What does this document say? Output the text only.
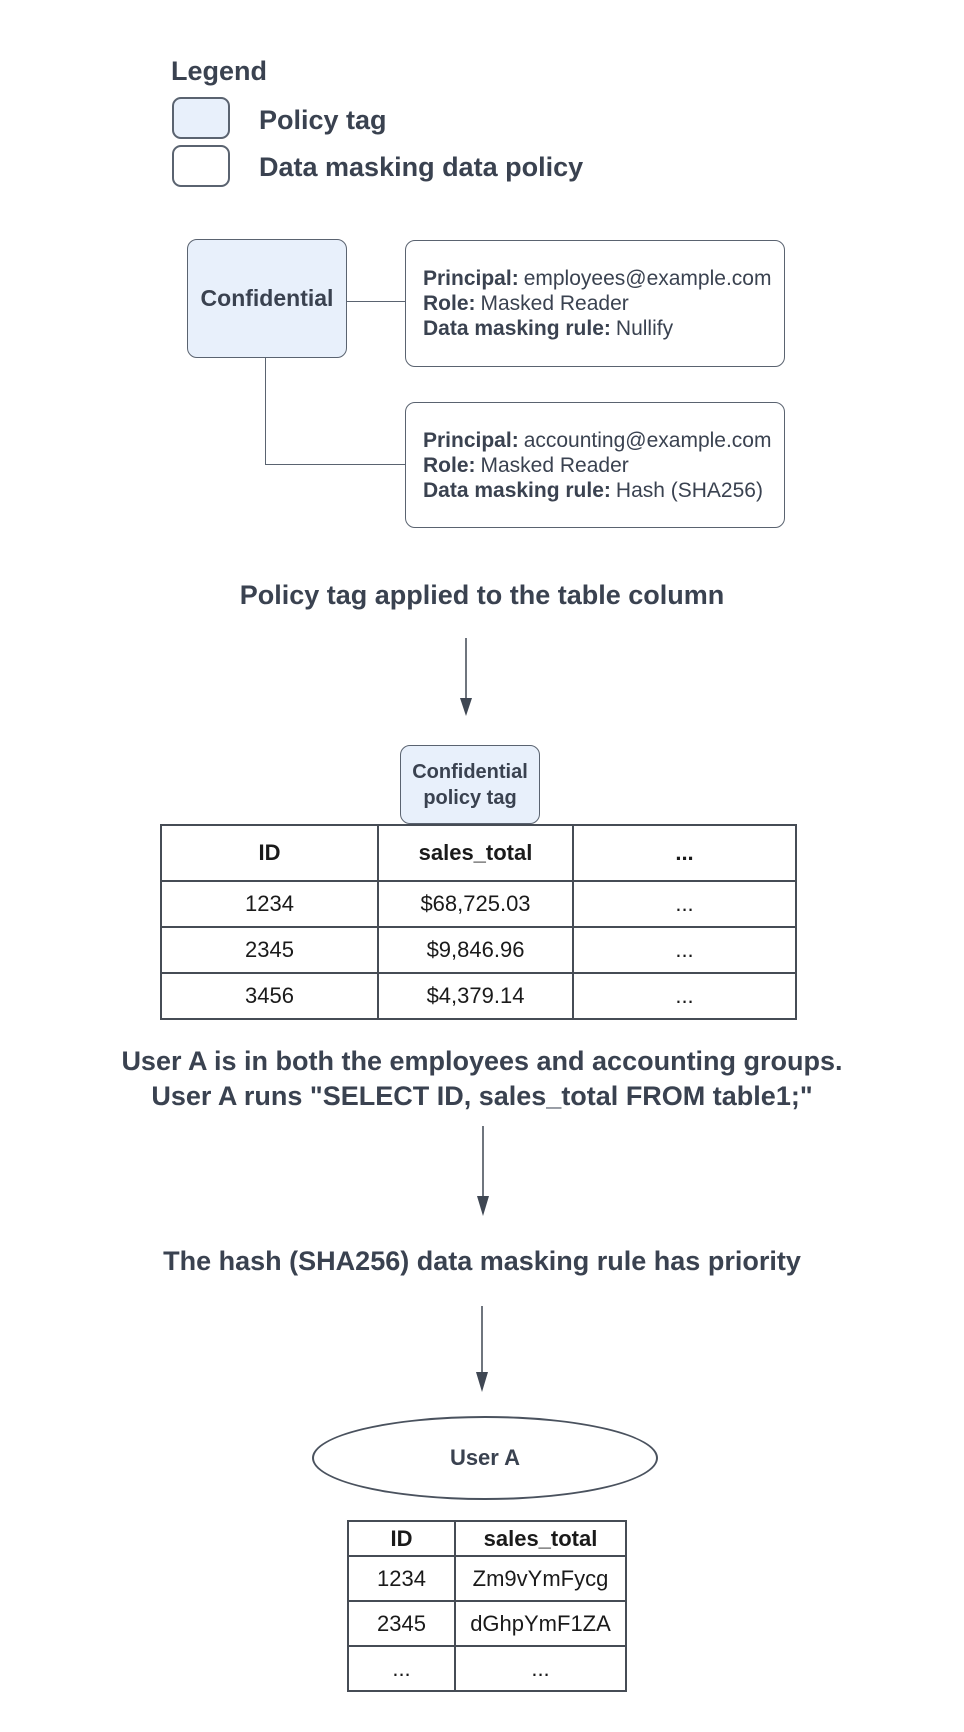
Legend
Policy tag
Data masking data policy
Confidential
Principal: employees@example.com
Role: Masked Reader
Data masking rule: Nullify
Principal: accounting@example.com
Role: Masked Reader
Data masking rule: Hash (SHA256)
Policy tag applied to the table column
Confidential
policy tag
ID	sales_total	...
1234	$68,725.03	...
2345	$9,846.96	...
3456	$4,379.14	...
User A is in both the employees and accounting groups.
User A runs "SELECT ID, sales_total FROM table1;"
The hash (SHA256) data masking rule has priority
User A
ID	sales_total
1234	Zm9vYmFycg
2345	dGhpYmF1ZA
...	...
